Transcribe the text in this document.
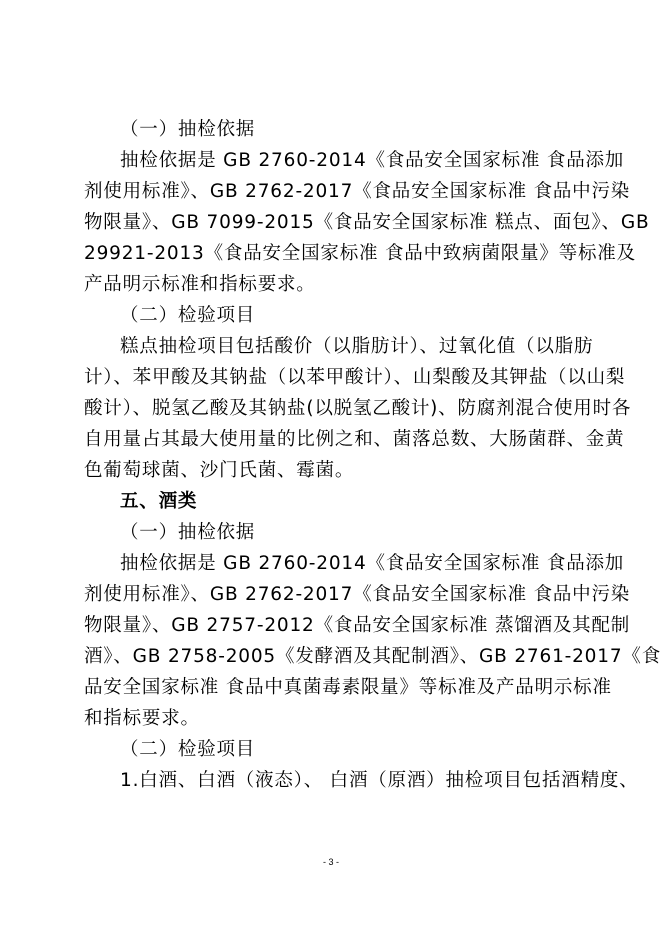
（一）抽检依据
抽检依据是 GB 2760-2014《食品安全国家标准 食品添加
剂使用标准》、GB 2762-2017《食品安全国家标准 食品中污染
物限量》、GB 7099-2015《食品安全国家标准 糕点、面包》、GB
29921-2013《食品安全国家标准 食品中致病菌限量》等标准及
产品明示标准和指标要求。
（二）检验项目
糕点抽检项目包括酸价（以脂肪计）、过氧化值（以脂肪
计）、苯甲酸及其钠盐（以苯甲酸计）、山梨酸及其钾盐（以山梨
酸计）、脱氢乙酸及其钠盐(以脱氢乙酸计)、防腐剂混合使用时各
自用量占其最大使用量的比例之和、菌落总数、大肠菌群、金黄
色葡萄球菌、沙门氏菌、霉菌。
五、酒类
（一）抽检依据
抽检依据是 GB 2760-2014《食品安全国家标准 食品添加
剂使用标准》、GB 2762-2017《食品安全国家标准 食品中污染
物限量》、GB 2757-2012《食品安全国家标准 蒸馏酒及其配制
酒》、GB 2758-2005《发酵酒及其配制酒》、GB 2761-2017《食
品安全国家标准 食品中真菌毒素限量》等标准及产品明示标准
和指标要求。
（二）检验项目
1.白酒、白酒（液态）、 白酒（原酒）抽检项目包括酒精度、
- 3 -
